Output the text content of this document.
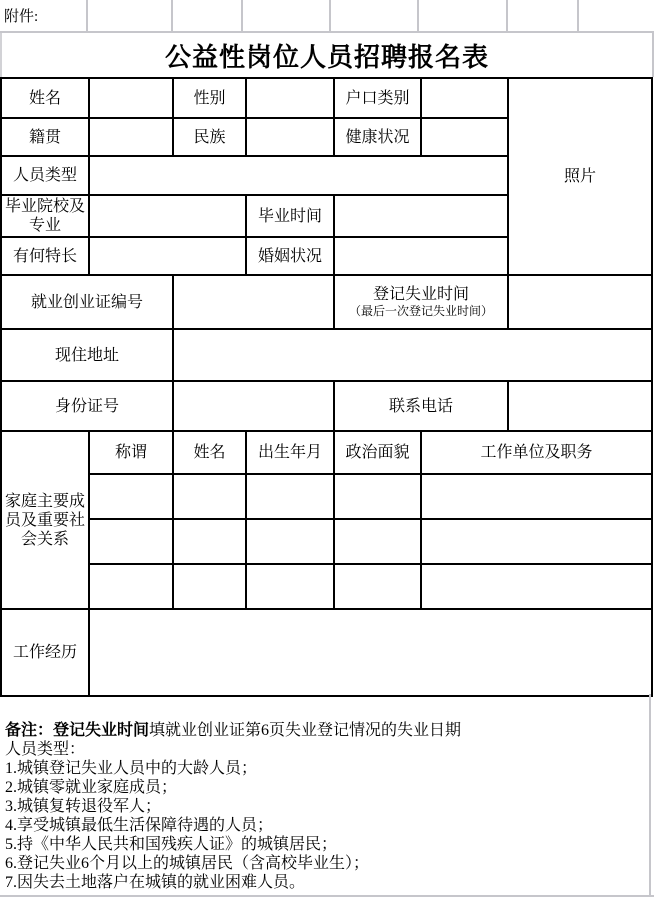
附件:
公益性岗位人员招聘报名表
姓名		性别		户口类别		照片
籍贯		民族		健康状况		
人员类型						
毕业院校及专业			毕业时间			
有何特长			婚姻状况			
就业创业证编号				登记失业时间
（最后一次登记失业时间）		

现住地址						
身份证号				联系电话		
家庭主要成员及重要社会关系	称谓	姓名	出生年月	政治面貌	工作单位及职务	

工作经历						
备注：登记失业时间填就业创业证第6页失业登记情况的失业日期
人员类型：
1.城镇登记失业人员中的大龄人员；
2.城镇零就业家庭成员；
3.城镇复转退役军人；
4.享受城镇最低生活保障待遇的人员；
5.持《中华人民共和国残疾人证》的城镇居民；
6.登记失业6个月以上的城镇居民（含高校毕业生）；
7.因失去土地落户在城镇的就业困难人员。
